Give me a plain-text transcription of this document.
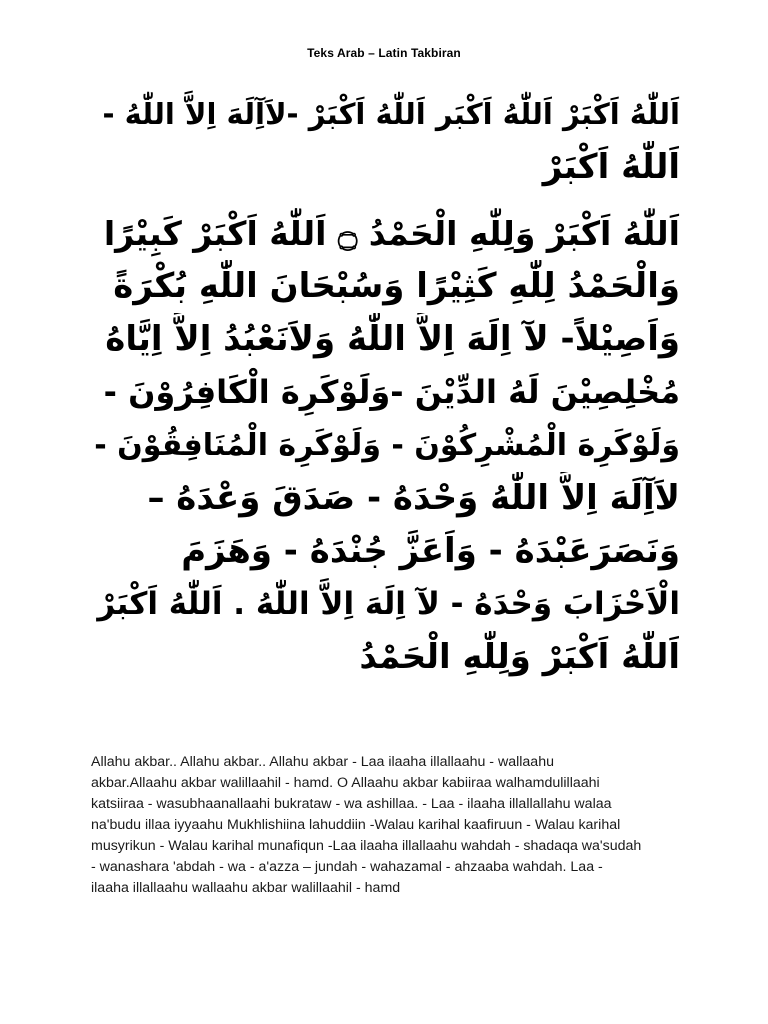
Teks Arab – Latin Takbiran
اَللّٰهُ اَكْبَرْ اَللّٰهُ اَكْبَر اَللّٰهُ اَكْبَرْ -لاَآِلَهَ اِلاَّ اللّٰهُ -
اَللّٰهُ اَكْبَرْ
اَللّٰهُ اَكْبَرْ وَلِلّٰهِ الْحَمْدُ ۝ اَللّٰهُ اَكْبَرْ كَبِيْرًا
وَالْحَمْدُ لِلّٰهِ كَثِيْرًا وَسُبْحَانَ اللّٰهِ بُكْرَةً
وَاَصِيْلاً- لآ اِلَهَ اِلاَّ اللّٰهُ وَلاَنَعْبُدُ اِلاَّ اِيَّاهُ
مُخْلِصِيْنَ لَهُ الدِّيْنَ -وَلَوْكَرِهَ الْكَافِرُوْنَ -
وَلَوْكَرِهَ الْمُشْرِكُوْنَ - وَلَوْكَرِهَ الْمُنَافِقُوْنَ -
لاَآِلَهَ اِلاَّ اللّٰهُ وَحْدَهُ - صَدَقَ وَعْدَهُ –
وَنَصَرَعَبْدَهُ - وَاَعَزَّ جُنْدَهُ - وَهَزَمَ
الْاَحْزَابَ وَحْدَهُ - لآ اِلَهَ اِلاَّ اللّٰهُ . اَللّٰهُ اَكْبَرْ
اَللّٰهُ اَكْبَرْ وَلِلّٰهِ الْحَمْدُ
Allahu akbar.. Allahu akbar.. Allahu akbar - Laa ilaaha illallaahu - wallaahu
akbar.Allaahu akbar walillaahil - hamd. O Allaahu akbar kabiiraa walhamdulillaahi
katsiiraa - wasubhaanallaahi bukrataw - wa ashillaa. - Laa - ilaaha illallallahu walaa
na'budu illaa iyyaahu Mukhlishiina lahuddiin -Walau karihal kaafiruun - Walau karihal
musyrikun - Walau karihal munafiqun -Laa ilaaha illallaahu wahdah - shadaqa wa'sudah
- wanashara 'abdah - wa - a'azza – jundah - wahazamal - ahzaaba wahdah. Laa -
ilaaha illallaahu wallaahu akbar walillaahil - hamd
